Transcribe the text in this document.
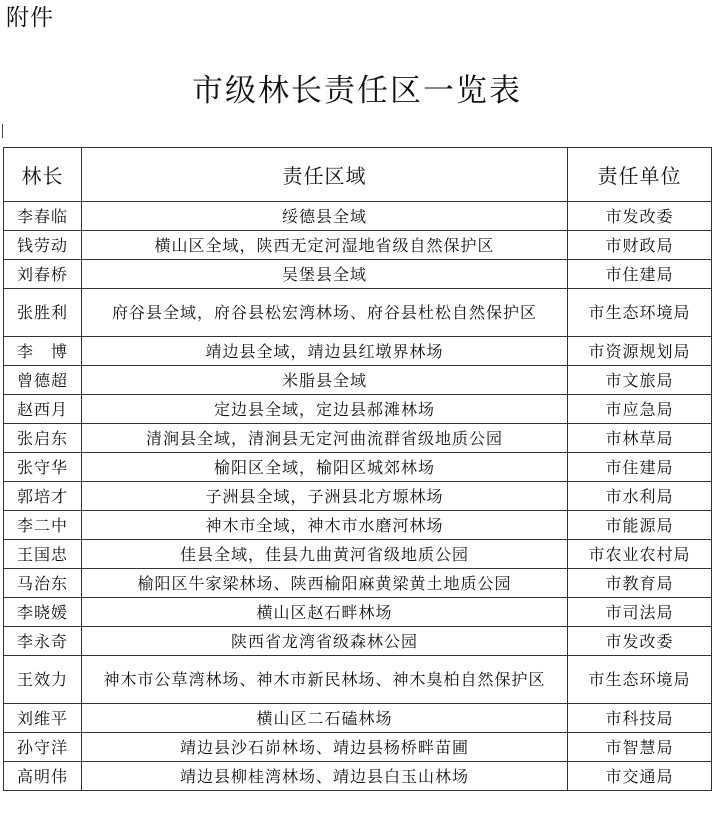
附件
市级林长责任区一览表
林长	责任区域	责任单位
李春临	绥德县全域	市发改委
钱劳动	横山区全域，陕西无定河湿地省级自然保护区	市财政局
刘春桥	吴堡县全域	市住建局
张胜利	府谷县全域，府谷县松宏湾林场、府谷县杜松自然保护区	市生态环境局
李　博	靖边县全域，靖边县红墩界林场	市资源规划局
曾德超	米脂县全域	市文旅局
赵西月	定边县全域，定边县郝滩林场	市应急局
张启东	清涧县全域，清涧县无定河曲流群省级地质公园	市林草局
张守华	榆阳区全域，榆阳区城郊林场	市住建局
郭培才	子洲县全域，子洲县北方塬林场	市水利局
李二中	神木市全域，神木市水磨河林场	市能源局
王国忠	佳县全域，佳县九曲黄河省级地质公园	市农业农村局
马治东	榆阳区牛家梁林场、陕西榆阳麻黄梁黄土地质公园	市教育局
李晓媛	横山区赵石畔林场	市司法局
李永奇	陕西省龙湾省级森林公园	市发改委
王效力	神木市公草湾林场、神木市新民林场、神木臭柏自然保护区	市生态环境局
刘维平	横山区二石磕林场	市科技局
孙守洋	靖边县沙石峁林场、靖边县杨桥畔苗圃	市智慧局
高明伟	靖边县柳桂湾林场、靖边县白玉山林场	市交通局
